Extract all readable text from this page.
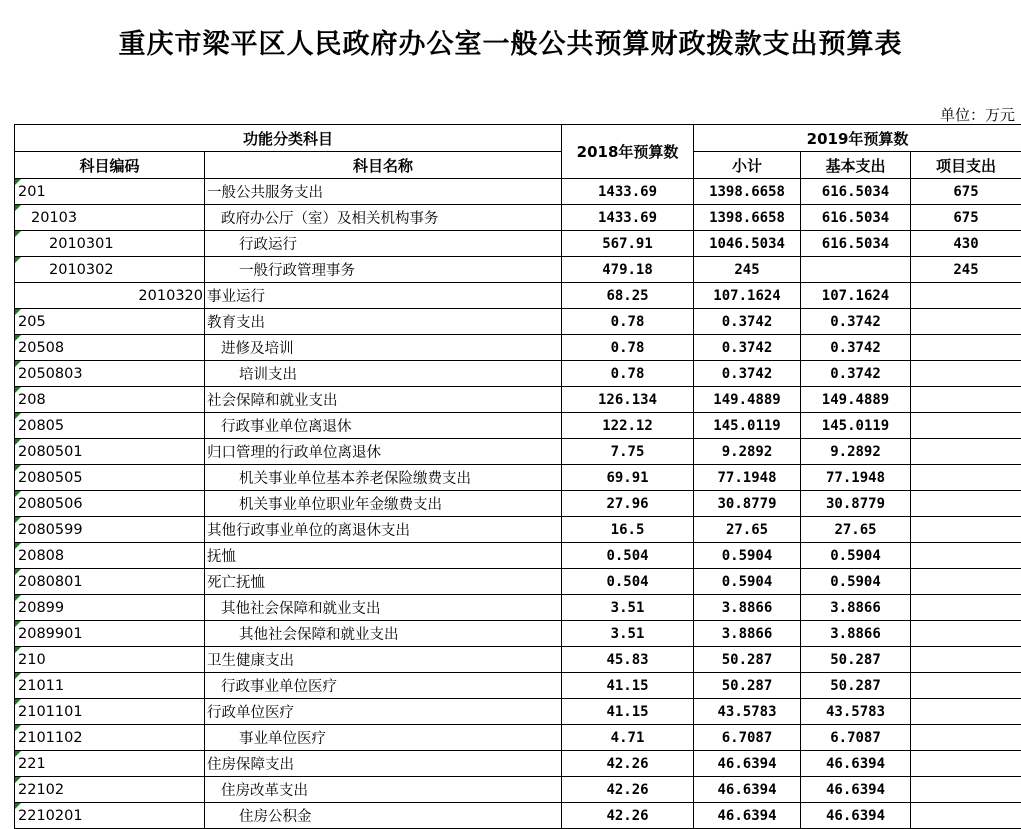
重庆市梁平区人民政府办公室一般公共预算财政拨款支出预算表
单位：万元
功能分类科目		2018年预算数	2019年预算数		
科目编码	科目名称		小计	基本支出	项目支出
201	一般公共服务支出	1433.69	1398.6658	616.5034	675
20103	政府办公厅（室）及相关机构事务	1433.69	1398.6658	616.5034	675
2010301	行政运行	567.91	1046.5034	616.5034	430
2010302	一般行政管理事务	479.18	245		245
2010320	事业运行	68.25	107.1624	107.1624	
205	教育支出	0.78	0.3742	0.3742	
20508	进修及培训	0.78	0.3742	0.3742	
2050803	培训支出	0.78	0.3742	0.3742	
208	社会保障和就业支出	126.134	149.4889	149.4889	
20805	行政事业单位离退休	122.12	145.0119	145.0119	
2080501	归口管理的行政单位离退休	7.75	9.2892	9.2892	
2080505	机关事业单位基本养老保险缴费支出	69.91	77.1948	77.1948	
2080506	机关事业单位职业年金缴费支出	27.96	30.8779	30.8779	
2080599	其他行政事业单位的离退休支出	16.5	27.65	27.65	
20808	抚恤	0.504	0.5904	0.5904	
2080801	死亡抚恤	0.504	0.5904	0.5904	
20899	其他社会保障和就业支出	3.51	3.8866	3.8866	
2089901	其他社会保障和就业支出	3.51	3.8866	3.8866	
210	卫生健康支出	45.83	50.287	50.287	
21011	行政事业单位医疗	41.15	50.287	50.287	
2101101	行政单位医疗	41.15	43.5783	43.5783	
2101102	事业单位医疗	4.71	6.7087	6.7087	
221	住房保障支出	42.26	46.6394	46.6394	
22102	住房改革支出	42.26	46.6394	46.6394	
2210201	住房公积金	42.26	46.6394	46.6394	
